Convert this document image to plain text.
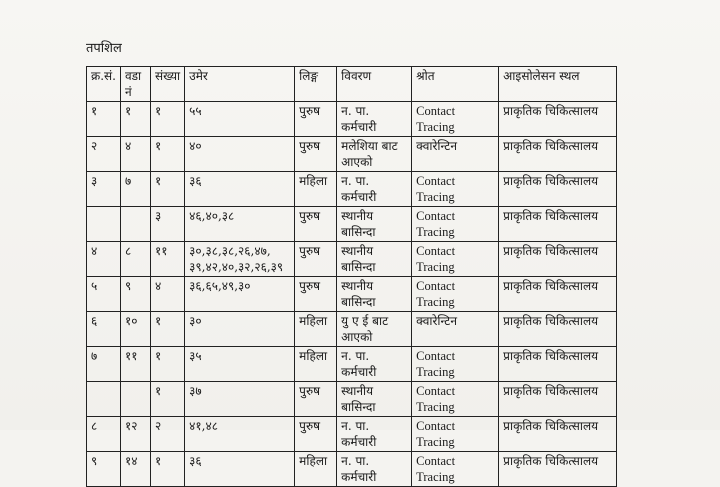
तपशिल
क्र.सं.	वडा नं	संख्या	उमेर	लिङ्ग	विवरण	श्रोत	आइसोलेसन स्थल
१	१	१	५५	पुरुष	न. पा. कर्मचारी	Contact Tracing	प्राकृतिक चिकित्सालय
२	४	१	४०	पुरुष	मलेशिया बाट आएको	क्वारेन्टिन	प्राकृतिक चिकित्सालय
३	७	१	३६	महिला	न. पा. कर्मचारी	Contact Tracing	प्राकृतिक चिकित्सालय
		३	४६,४०,३८	पुरुष	स्थानीय बासिन्दा	Contact Tracing	प्राकृतिक चिकित्सालय
४	८	११	३०,३८,३८,२६,४७, ३९,४२,४०,३२,२६,३९	पुरुष	स्थानीय बासिन्दा	Contact Tracing	प्राकृतिक चिकित्सालय
५	९	४	३६,६५,४९,३०	पुरुष	स्थानीय बासिन्दा	Contact Tracing	प्राकृतिक चिकित्सालय
६	१०	१	३०	महिला	यु ए ई बाट आएको	क्वारेन्टिन	प्राकृतिक चिकित्सालय
७	११	१	३५	महिला	न. पा. कर्मचारी	Contact Tracing	प्राकृतिक चिकित्सालय
		१	३७	पुरुष	स्थानीय बासिन्दा	Contact Tracing	प्राकृतिक चिकित्सालय
८	१२	२	४१,४८	पुरुष	न. पा. कर्मचारी	Contact Tracing	प्राकृतिक चिकित्सालय
९	१४	१	३६	महिला	न. पा. कर्मचारी	Contact Tracing	प्राकृतिक चिकित्सालय
